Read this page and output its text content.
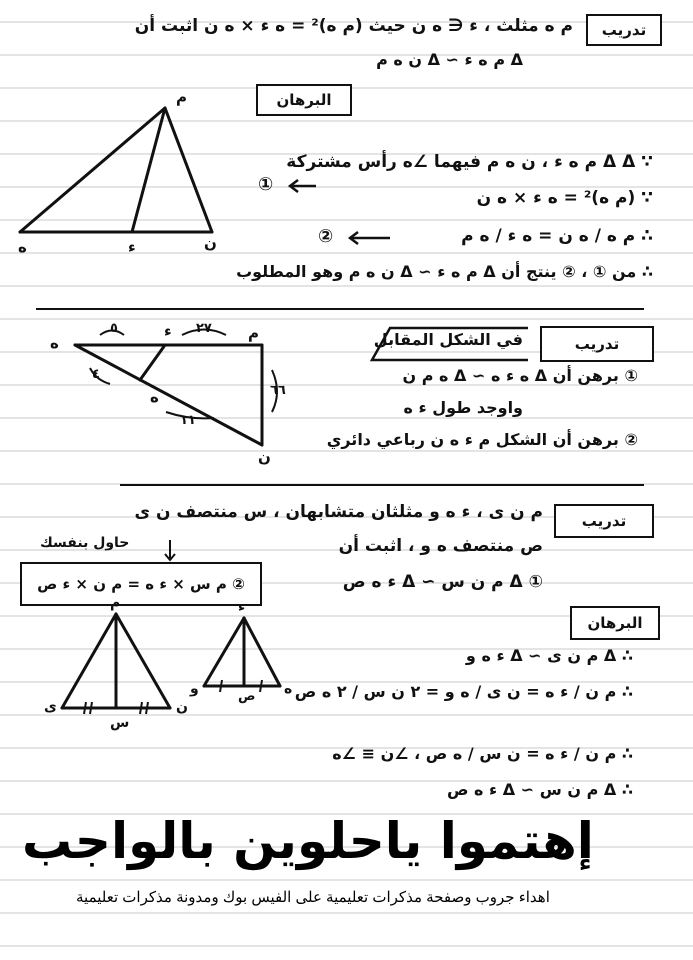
تدريب
م ه مثلث ، ء ∈ ه ن حيث (م ه)² = ه ء × ه ن اثبت أن
Δ م ه ء ∼ Δ ن ه م
البرهان
م
ن
ء
ه
∵ Δ Δ م ه ء ، ن ه م فيهما ∠ه رأس مشتركة
①
∵ (م ه)² = ه ء × ه ن
∴ م ه / ه ن = ه ء / ه م
②
∴ من ① ، ② ينتج أن Δ م ه ء ∼ Δ ن ه م وهو المطلوب
تدريب
في الشكل المقابل
م
ء
ه
ن
ه
٥	٢٧
٤
٦٦
١١
① برهن أن Δ ه ء ه ∼ Δ ه م ن
واوجد طول ء ه
② برهن أن الشكل م ء ه ن رباعي دائري
تدريب
م ن ى ، ء ه و مثلثان متشابهان ، س منتصف ن ى
ص منتصف ه و ، اثبت أن
① Δ م ن س ∼ Δ ء ه ص
حاول بنفسك
② م س × ء ه = م ن × ء ص
البرهان
م
ن
ى
س
ء
ه
و	ص
∴ Δ م ن ى ∼ Δ ء ه و
∴ م ن / ء ه = ن ى / ه و = ٢ ن س / ٢ ه ص
∴ م ن / ء ه = ن س / ه ص ، ∠ن ≡ ∠ه
∴ Δ م ن س ∼ Δ ء ه ص
إهتموا ياحلوين بالواجب
اهداء جروب وصفحة مذكرات تعليمية على الفيس بوك ومدونة مذكرات تعليمية
